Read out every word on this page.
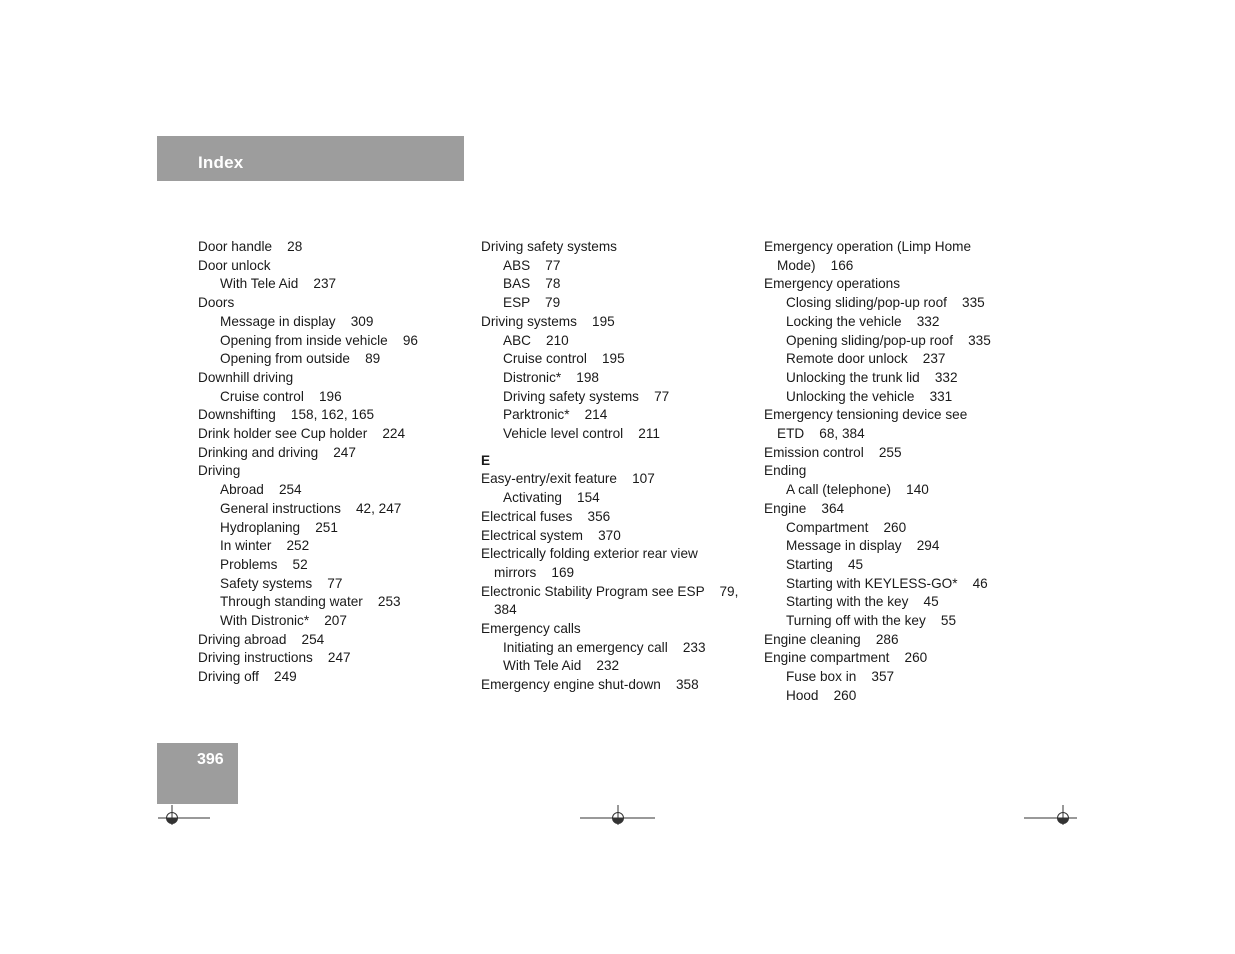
Index
Door handle    28
Door unlock
With Tele Aid    237
Doors
Message in display    309
Opening from inside vehicle    96
Opening from outside    89
Downhill driving
Cruise control    196
Downshifting    158, 162, 165
Drink holder see Cup holder    224
Drinking and driving    247
Driving
Abroad    254
General instructions    42, 247
Hydroplaning    251
In winter    252
Problems    52
Safety systems    77
Through standing water    253
With Distronic*    207
Driving abroad    254
Driving instructions    247
Driving off    249
Driving safety systems
ABS    77
BAS    78
ESP    79
Driving systems    195
ABC    210
Cruise control    195
Distronic*    198
Driving safety systems    77
Parktronic*    214
Vehicle level control    211
E
Easy-entry/exit feature    107
Activating    154
Electrical fuses    356
Electrical system    370
Electrically folding exterior rear view
mirrors    169
Electronic Stability Program see ESP    79,
384
Emergency calls
Initiating an emergency call    233
With Tele Aid    232
Emergency engine shut-down    358
Emergency operation (Limp Home
Mode)    166
Emergency operations
Closing sliding/pop-up roof    335
Locking the vehicle    332
Opening sliding/pop-up roof    335
Remote door unlock    237
Unlocking the trunk lid    332
Unlocking the vehicle    331
Emergency tensioning device see
ETD    68, 384
Emission control    255
Ending
A call (telephone)    140
Engine    364
Compartment    260
Message in display    294
Starting    45
Starting with KEYLESS-GO*    46
Starting with the key    45
Turning off with the key    55
Engine cleaning    286
Engine compartment    260
Fuse box in    357
Hood    260
396
